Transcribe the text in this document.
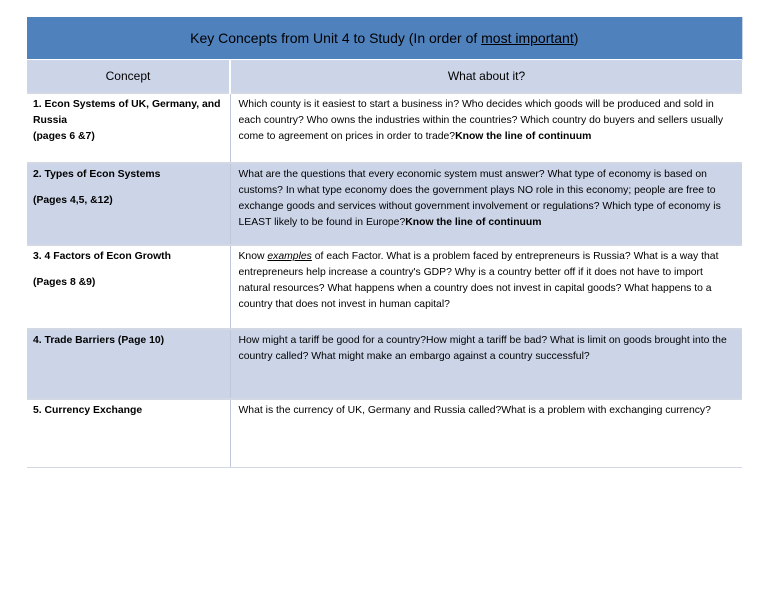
Key Concepts from Unit 4 to Study (In order of most important)	
Concept	What about it?
1. Econ Systems of UK, Germany, and Russia
(pages 6 &7)	Which county is it easiest to start a business in? Who decides which goods will be produced and sold in each country? Who owns the industries within the countries? Which country do buyers and sellers usually come to agreement on prices in order to trade?Know the line of continuum
2. Types of Econ Systems
(Pages 4,5, &12)	What are the questions that every economic system must answer? What type of economy is based on customs? In what type economy does the government plays NO role in this economy; people are free to exchange goods and services without government involvement or regulations? Which type of economy is LEAST likely to be found in Europe?Know the line of continuum
3. 4 Factors of Econ Growth
(Pages 8 &9)	Know examples of each Factor. What is a problem faced by entrepreneurs is Russia? What is a way that entrepreneurs help increase a country's GDP? Why is a country better off if it does not have to import natural resources? What happens when a country does not invest in capital goods? What happens to a country that does not invest in human capital?
4. Trade Barriers (Page 10)	How might a tariff be good for a country?How might a tariff be bad? What is limit on goods brought into the country called? What might make an embargo against a country successful?
5. Currency Exchange	What is the currency of UK, Germany and Russia called?What is a problem with exchanging currency?
